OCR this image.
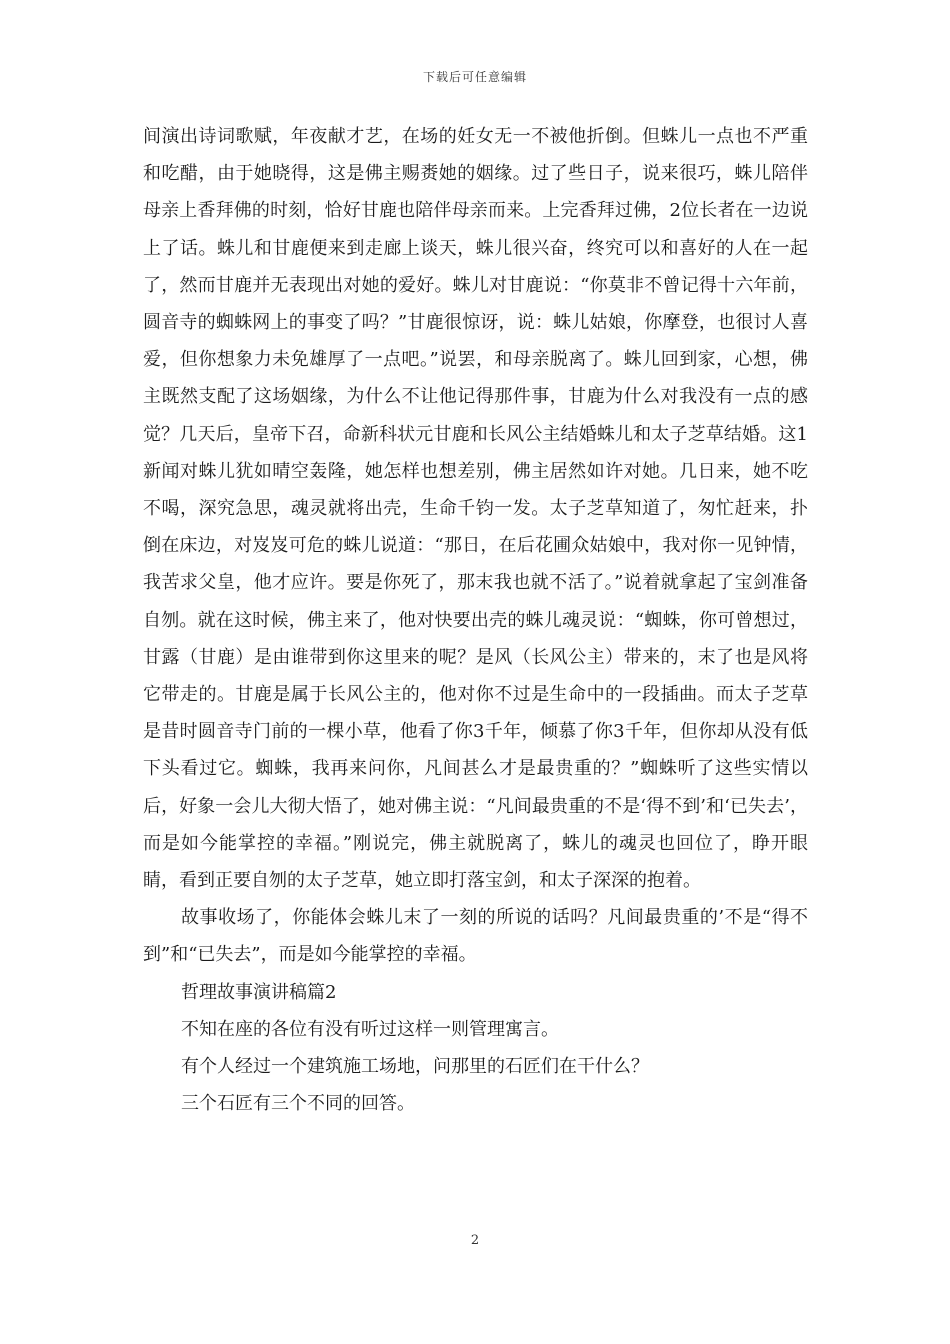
下载后可任意编辑

间演出诗词歌赋，年夜献才艺，在场的妊女无一不被他折倒。但蛛儿一点也不严重和吃醋，由于她晓得，这是佛主赐赉她的姻缘。过了些日子，说来很巧，蛛儿陪伴母亲上香拜佛的时刻，恰好甘鹿也陪伴母亲而来。上完香拜过佛，2位长者在一边说上了话。蛛儿和甘鹿便来到走廊上谈天，蛛儿很兴奋，终究可以和喜好的人在一起了，然而甘鹿并无表现出对她的爱好。蛛儿对甘鹿说：“你莫非不曾记得十六年前，圆音寺的蜘蛛网上的事变了吗？”甘鹿很惊讶，说：蛛儿姑娘，你摩登，也很讨人喜爱，但你想象力未免雄厚了一点吧。”说罢，和母亲脱离了。蛛儿回到家，心想，佛主既然支配了这场姻缘，为什么不让他记得那件事，甘鹿为什么对我没有一点的感觉？几天后，皇帝下召，命新科状元甘鹿和长风公主结婚蛛儿和太子芝草结婚。这1新闻对蛛儿犹如晴空轰隆，她怎样也想差别，佛主居然如许对她。几日来，她不吃不喝，深究急思，魂灵就将出壳，生命千钧一发。太子芝草知道了，匆忙赶来，扑倒在床边，对岌岌可危的蛛儿说道：“那日，在后花圃众姑娘中，我对你一见钟情，我苦求父皇，他才应许。要是你死了，那末我也就不活了。”说着就拿起了宝剑准备自刎。就在这时候，佛主来了，他对快要出壳的蛛儿魂灵说：“蜘蛛，你可曾想过，甘露（甘鹿）是由谁带到你这里来的呢？是风（长风公主）带来的，末了也是风将它带走的。甘鹿是属于长风公主的，他对你不过是生命中的一段插曲。而太子芝草是昔时圆音寺门前的一棵小草，他看了你3千年，倾慕了你3千年，但你却从没有低下头看过它。蜘蛛，我再来问你，凡间甚么才是最贵重的？”蜘蛛听了这些实情以后，好象一会儿大彻大悟了，她对佛主说：“凡间最贵重的不是‘得不到’和‘已失去’，而是如今能掌控的幸福。”刚说完，佛主就脱离了，蛛儿的魂灵也回位了，睁开眼睛，看到正要自刎的太子芝草，她立即打落宝剑，和太子深深的抱着。

故事收场了，你能体会蛛儿末了一刻的所说的话吗？凡间最贵重的’不是“得不到”和“已失去”，而是如今能掌控的幸福。

哲理故事演讲稿篇2

不知在座的各位有没有听过这样一则管理寓言。

有个人经过一个建筑施工场地，问那里的石匠们在干什么？

三个石匠有三个不同的回答。

2
